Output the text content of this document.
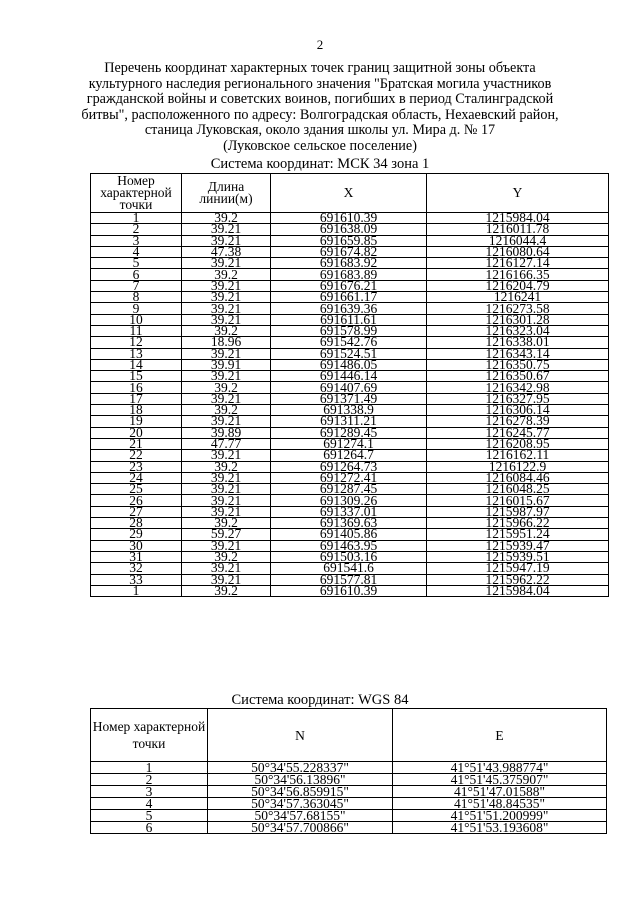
2
Перечень координат характерных точек границ защитной зоны объекта
культурного наследия регионального значения "Братская могила участников
гражданской войны и советских воинов, погибших в период Сталинградской
битвы", расположенного по адресу: Волгоградская область, Нехаевский район,
станица Луковская, около здания школы ул. Мира д. № 17
(Луковское сельское поселение)
Система координат: МСК 34 зона 1
Номер характерной точки	Длина линии(м)	X	Y
1	39.2	691610.39	1215984.04
2	39.21	691638.09	1216011.78
3	39.21	691659.85	1216044.4
4	47.38	691674.82	1216080.64
5	39.21	691683.92	1216127.14
6	39.2	691683.89	1216166.35
7	39.21	691676.21	1216204.79
8	39.21	691661.17	1216241
9	39.21	691639.36	1216273.58
10	39.21	691611.61	1216301.28
11	39.2	691578.99	1216323.04
12	18.96	691542.76	1216338.01
13	39.21	691524.51	1216343.14
14	39.91	691486.05	1216350.75
15	39.21	691446.14	1216350.67
16	39.2	691407.69	1216342.98
17	39.21	691371.49	1216327.95
18	39.2	691338.9	1216306.14
19	39.21	691311.21	1216278.39
20	39.89	691289.45	1216245.77
21	47.77	691274.1	1216208.95
22	39.21	691264.7	1216162.11
23	39.2	691264.73	1216122.9
24	39.21	691272.41	1216084.46
25	39.21	691287.45	1216048.25
26	39.21	691309.26	1216015.67
27	39.21	691337.01	1215987.97
28	39.2	691369.63	1215966.22
29	59.27	691405.86	1215951.24
30	39.21	691463.95	1215939.47
31	39.2	691503.16	1215939.51
32	39.21	691541.6	1215947.19
33	39.21	691577.81	1215962.22
1	39.2	691610.39	1215984.04
Система координат: WGS 84
Номер характерной точки	N	E
1	50°34'55.228337"	41°51'43.988774"
2	50°34'56.13896"	41°51'45.375907"
3	50°34'56.859915"	41°51'47.01588"
4	50°34'57.363045"	41°51'48.84535"
5	50°34'57.68155"	41°51'51.200999"
6	50°34'57.700866"	41°51'53.193608"
